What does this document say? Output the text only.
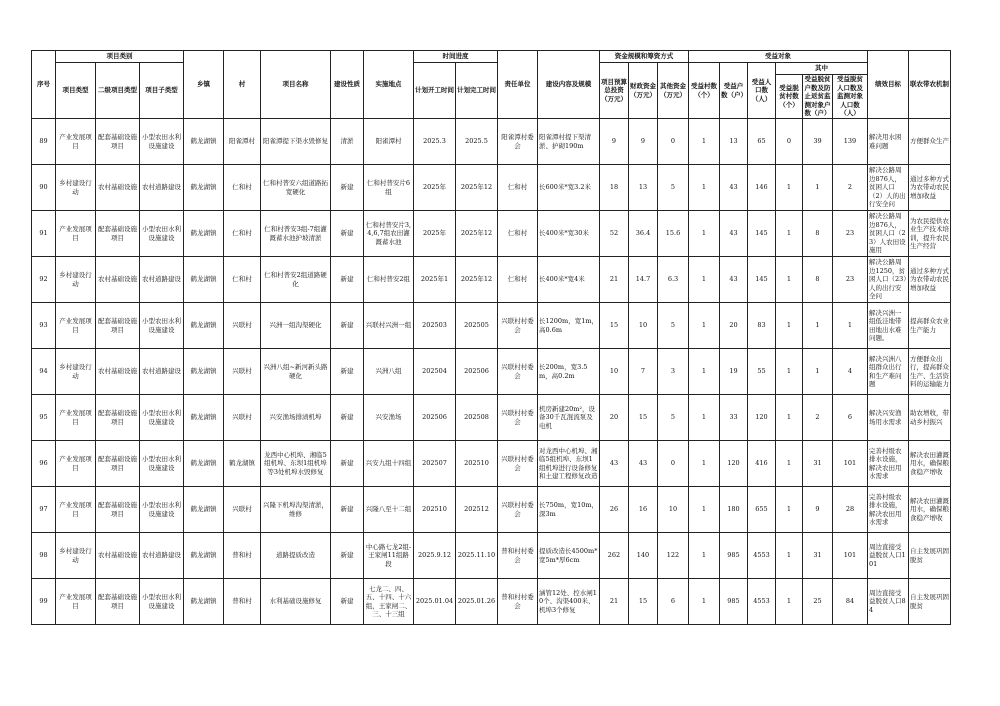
序号	项目类别			乡镇	村	项目名称	建设性质	实施地点	时间进度		责任单位	建设内容及规模	资金规模和筹资方式			受益对象						绩效目标	联农带农机制
	项目类型	二级项目类型	项目子类型						计划开工时间	计划完工时间			项目预算总投资（万元）	财政资金（万元）	其他资金（万元）	受益村数（个）	受益户数（户）	受益人口数（人）	其中				
																			受益脱贫村数（个）	受益脱贫户数及防止返贫监测对象户数（户）	受益脱贫人口数及监测对象人口数（人）		
89	产业发展项目	配套基础设施项目	小型农田水利设施建设	鹤龙湖镇	阳雀潭村	阳雀潭提下渠水毁修复	清淤	阳雀潭村	2025.3	2025.5	阳雀潭村委会	阳雀潭村提下渠清淤、护砌190m	9	9	0	1	13	65	0	39	139	解决用水困难问题	方便群众生产
90	乡村建设行动	农村基础设施	农村道路建设	鹤龙湖镇	仁和村	仁和村普安六组道路拓宽硬化	新建	仁和村普安片6组	2025年	2025年12	仁和村	长600米*宽3.2米	18	13	5	1	43	146	1	1	2	解决公路周边876人，贫困人口（2）人的出行安全问	通过多种方式为农带动农民增加收益
91	产业发展项目	配套基础设施项目	小型农田水利设施建设	鹤龙湖镇	仁和村	仁和村普安3组-7组灌溉蓄水池护坡清淤	新建	仁和村普安片3,4,6,7组农田灌溉蓄水池	2025年	2025年12	仁和村	长400米*宽30米	52	36.4	15.6	1	43	145	1	8	23	解决公路周边876人，贫困人口（23）人农田设施用	为农民提供农业生产技术培训，提升农民生产经营
92	乡村建设行动	农村基础设施	农村道路建设	鹤龙湖镇	仁和村	仁和村普安2组道路硬化	新建	仁和村普安2组	2025年1	2025年12	仁和村	长400米*宽4米	21	14.7	6.3	1	43	145	1	8	23	解决公路周边1250，贫困人口（23）人的出行安全问	通过多种方式为农带动农民增加收益
93	产业发展项目	配套基础设施项目	小型农田水利设施建设	鹤龙湖镇	兴联村	兴洲一组沟渠硬化	新建	兴联村兴洲一组	202503	202505	兴联村村委会	长1200m，宽1m，高0.6m	15	10	5	1	20	83	1	1	1	解决兴洲一组低洼地带田地出水难问题。	提高群众农业生产能力
94	乡村建设行动	农村基础设施	农村道路建设	鹤龙湖镇	兴联村	兴洲八组~新河新头路硬化	新建	兴洲八组	202504	202506	兴联村村委会	长200m，宽3.5m，高0.2m	10	7	3	1	19	55	1	1	4	解决兴洲八组群众出行和生产难问题	方便群众出行，提高群众生产、生活资料的运输能力
95	产业发展项目	配套基础设施项目	小型农田水利设施建设	鹤龙湖镇	兴联村	兴安渔场排渍机埠	新建	兴安渔场	202506	202508	兴联村村委会	机房新建20m²，设备30千瓦混流泵及电机	20	15	5	1	33	120	1	2	6	解决兴安渔场用水需求	助农增收，带动乡村振兴
96	产业发展项目	配套基础设施项目	小型农田水利设施建设	鹤龙湖镇	鹤龙湖镇	龙西中心机埠、湘临5组机埠、东坝1组机埠等3处机埠水毁修复	新建	兴安九组十四组	202507	202510	兴联村村委会	对龙西中心机埠、湘临5组机埠、东坝1组机埠进行设备修复和土建工程修复改造	43	43	0	1	120	416	1	31	101	完善村级农排水设施，解决农田用水需求	解决农田灌溉用水，确保粮食稳产增收
97	产业发展项目	配套基础设施项目	小型农田水利设施建设	鹤龙湖镇	兴联村	兴隆下机埠沟渠清淤，维修	新建	兴隆八至十二组	202510	202512	兴联村村委会	长750m，宽10m，深3m	26	16	10	1	180	655	1	9	28	完善村级农排水设施，解决农田用水需求	解决农田灌溉用水，确保粮食稳产增收
98	乡村建设行动	农村基础设施	农村道路建设	鹤龙湖镇	普和村	道路提质改造	新建	中心路七龙2组-王家闸11组路段	2025.9.12	2025.11.10	普和村村委会	提质改造长4500m*宽5m*厚6cm	262	140	122	1	985	4553	1	31	101	周边直接受益脱贫人口101	自主发展巩固脱贫
99	产业发展项目	配套基础设施项目	小型农田水利设施建设	鹤龙湖镇	普和村	水利基础设施修复	新建	七龙二、四、五、十四、十六组，王家闸二、三、十三组	2025.01.04	2025.01.26	普和村村委会	涵管12处、控水闸10个、沟渠400米、机埠3个修复	21	15	6	1	985	4553	1	25	84	周边直接受益脱贫人口84	自主发展巩固脱贫
